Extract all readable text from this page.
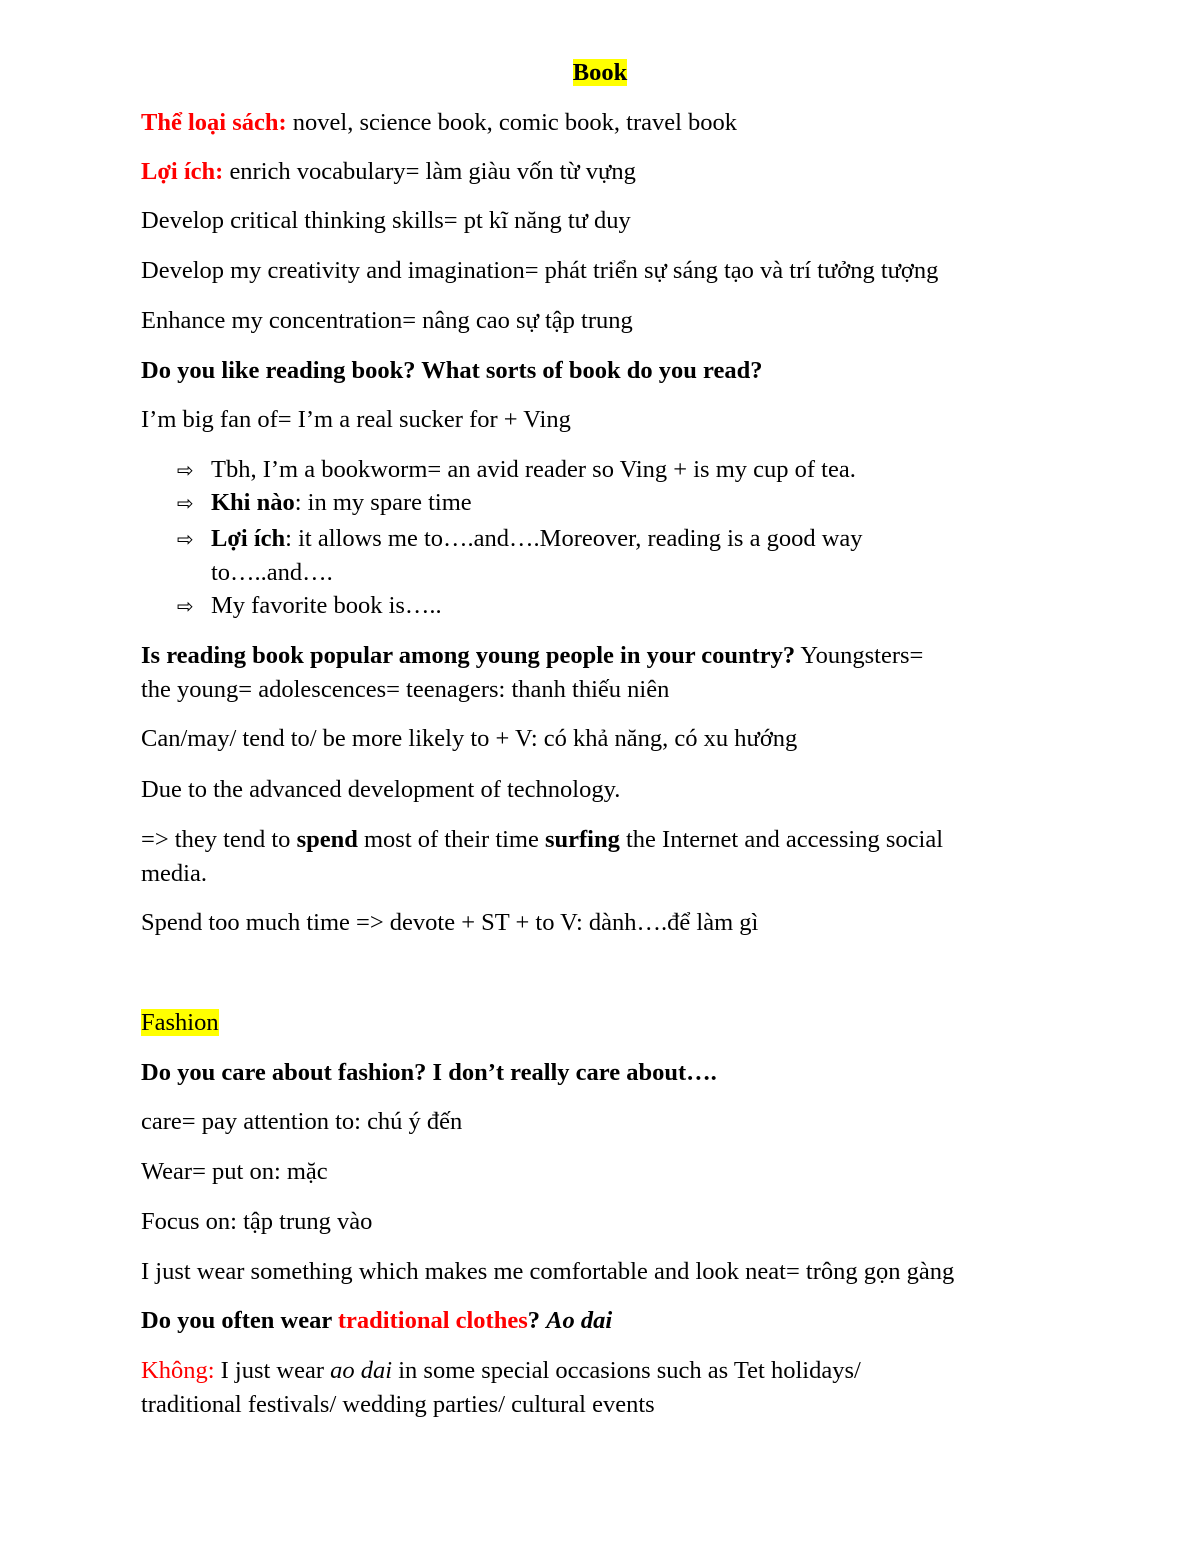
Book
Thể loại sách: novel, science book, comic book, travel book
Lợi ích: enrich vocabulary= làm giàu vốn từ vựng
Develop critical thinking skills= pt kĩ năng tư duy
Develop my creativity and imagination= phát triển sự sáng tạo và trí tưởng tượng
Enhance my concentration= nâng cao sự tập trung
Do you like reading book? What sorts of book do you read?
I’m big fan of= I’m a real sucker for + Ving
⇨ Tbh, I’m a bookworm= an avid reader so Ving + is my cup of tea.
⇨ Khi nào: in my spare time
⇨ Lợi ích: it allows me to….and….Moreover, reading is a good way
to…..and….
⇨ My favorite book is…..
Is reading book popular among young people in your country? Youngsters=
the young= adolescences= teenagers: thanh thiếu niên
Can/may/ tend to/ be more likely to + V: có khả năng, có xu hướng
Due to the advanced development of technology.
=> they tend to spend most of their time surfing the Internet and accessing social
media.
Spend too much time => devote + ST + to V: dành….để làm gì
Fashion
Do you care about fashion? I don’t really care about….
care= pay attention to: chú ý đến
Wear= put on: mặc
Focus on: tập trung vào
I just wear something which makes me comfortable and look neat= trông gọn gàng
Do you often wear traditional clothes? Ao dai
Không: I just wear ao dai in some special occasions such as Tet holidays/
traditional festivals/ wedding parties/ cultural events
